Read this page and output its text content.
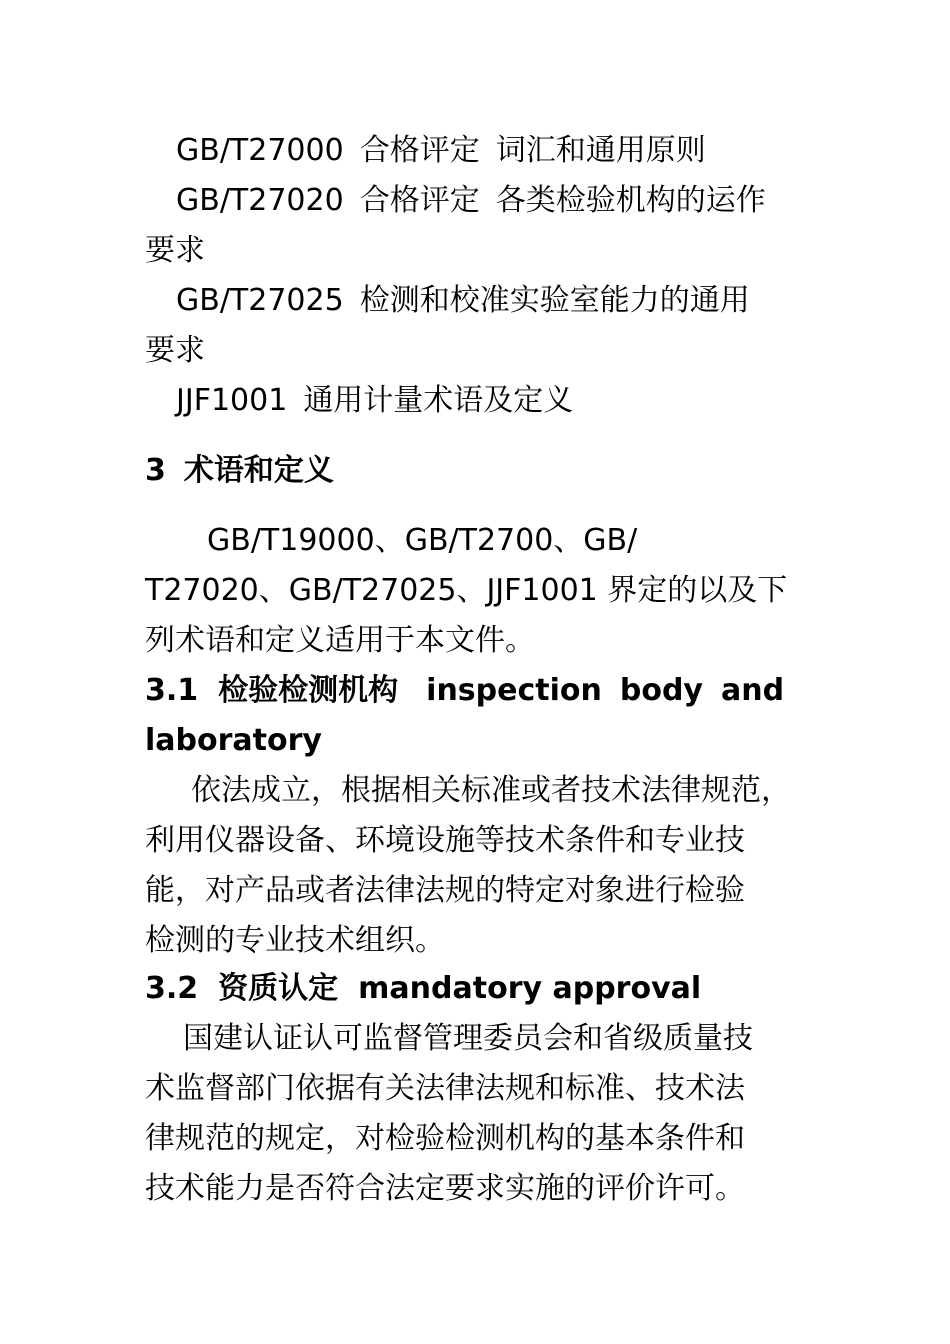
GB/T27000 合格评定 词汇和通用原则
GB/T27020 合格评定 各类检验机构的运作
要求
GB/T27025 检测和校准实验室能力的通用
要求
JJF1001 通用计量术语及定义
3 术语和定义
GB/T19000、GB/T2700、GB/
T27020、GB/T27025、JJF1001 界定的以及下
列术语和定义适用于本文件。
3.1 检验检测机构 inspection body and
laboratory
依法成立，根据相关标准或者技术法律规范，
利用仪器设备、环境设施等技术条件和专业技
能，对产品或者法律法规的特定对象进行检验
检测的专业技术组织。
3.2 资质认定 mandatory approval
国建认证认可监督管理委员会和省级质量技
术监督部门依据有关法律法规和标准、技术法
律规范的规定，对检验检测机构的基本条件和
技术能力是否符合法定要求实施的评价许可。
